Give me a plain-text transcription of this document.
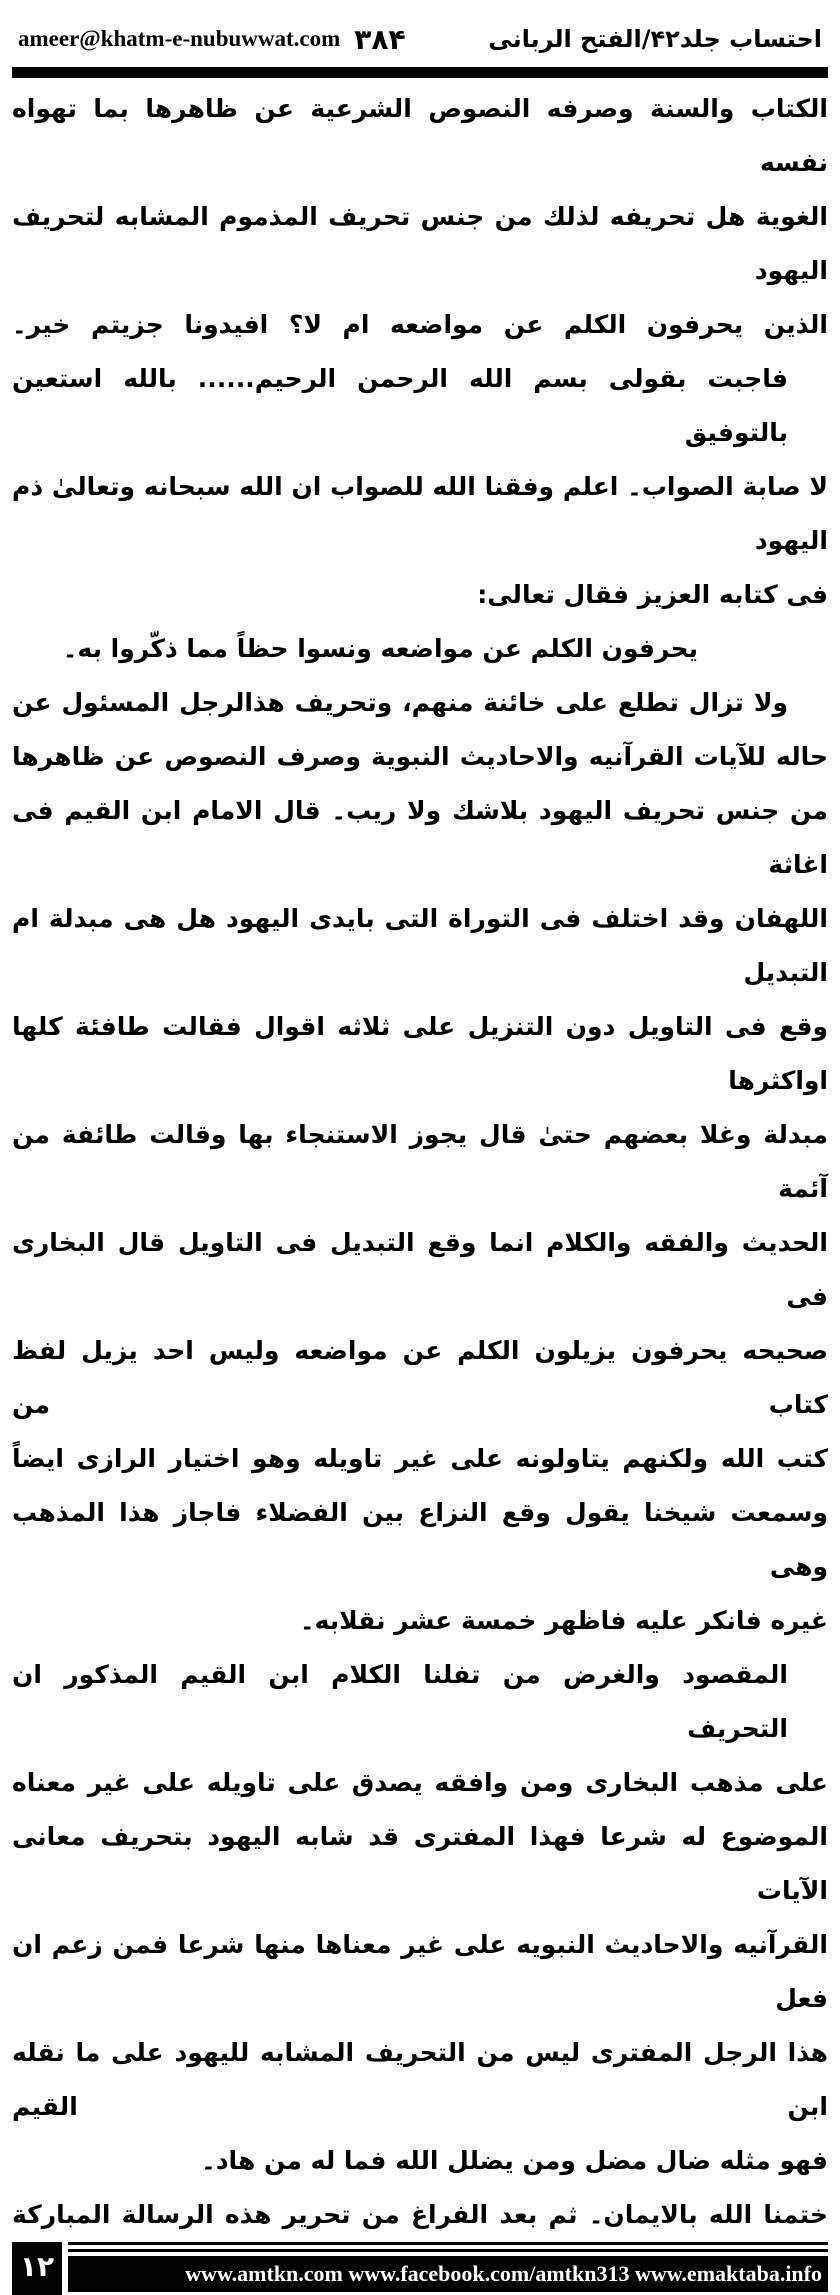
ameer@khatm-e-nubuwwat.com ۳۸۴	احتساب جلد۴۲/الفتح الربانی
الكتاب والسنة وصرفه النصوص الشرعية عن ظاهرها بما تهواه نفسه
الغوية هل تحريفه لذلك من جنس تحريف المذموم المشابه لتحريف اليهود
الذين يحرفون الكلم عن مواضعه ام لا؟ افيدونا جزيتم خير۔
فاجبت بقولى بسم الله الرحمن الرحيم...... بالله استعين بالتوفيق
لا صابة الصواب۔ اعلم وفقنا الله للصواب ان الله سبحانه وتعالیٰ ذم اليهود
فی كتابه العزيز فقال تعالى:
يحرفون الكلم عن مواضعه ونسوا حظاً مما ذكّروا به۔
ولا تزال تطلع على خائنة منهم، وتحريف هذالرجل المسئول عن
حاله للآيات القرآنيه والاحاديث النبوية وصرف النصوص عن ظاهرها
من جنس تحريف اليهود بلاشك ولا ريب۔ قال الامام ابن القيم فى اغاثة
اللهفان وقد اختلف فى التوراة التى بايدى اليهود هل هى مبدلة ام التبديل
وقع فى التاويل دون التنزيل على ثلاثه اقوال فقالت طافئة كلها اواكثرها
مبدلة وغلا بعضهم حتیٰ قال يجوز الاستنجاء بها وقالت طائفة من آئمة
الحديث والفقه والكلام انما وقع التبديل فى التاويل قال البخارى فى
صحيحه يحرفون يزيلون الكلم عن مواضعه وليس احد يزيل لفظ كتاب من
كتب الله ولكنهم يتاولونه على غير تاويله وهو اختيار الرازى ايضاً
وسمعت شيخنا يقول وقع النزاع بين الفضلاء فاجاز هذا المذهب وهى
غيره فانكر عليه فاظهر خمسة عشر نقلابه۔
المقصود والغرض من تفلنا الكلام ابن القيم المذكور ان التحريف
على مذهب البخارى ومن وافقه يصدق على تاويله على غير معناه
الموضوع له شرعا فهذا المفترى قد شابه اليهود بتحريف معانى الآيات
القرآنيه والاحاديث النبويه على غير معناها منها شرعا فمن زعم ان فعل
هذا الرجل المفترى ليس من التحريف المشابه لليهود على ما نقله ابن القيم
فهو مثله ضال مضل ومن يضلل الله فما له من هاد۔
ختمنا الله بالايمان۔ ثم بعد الفراغ من تحرير هذه الرسالة المباركة
۱۲	www.amtkn.com www.facebook.com/amtkn313 www.emaktaba.info
